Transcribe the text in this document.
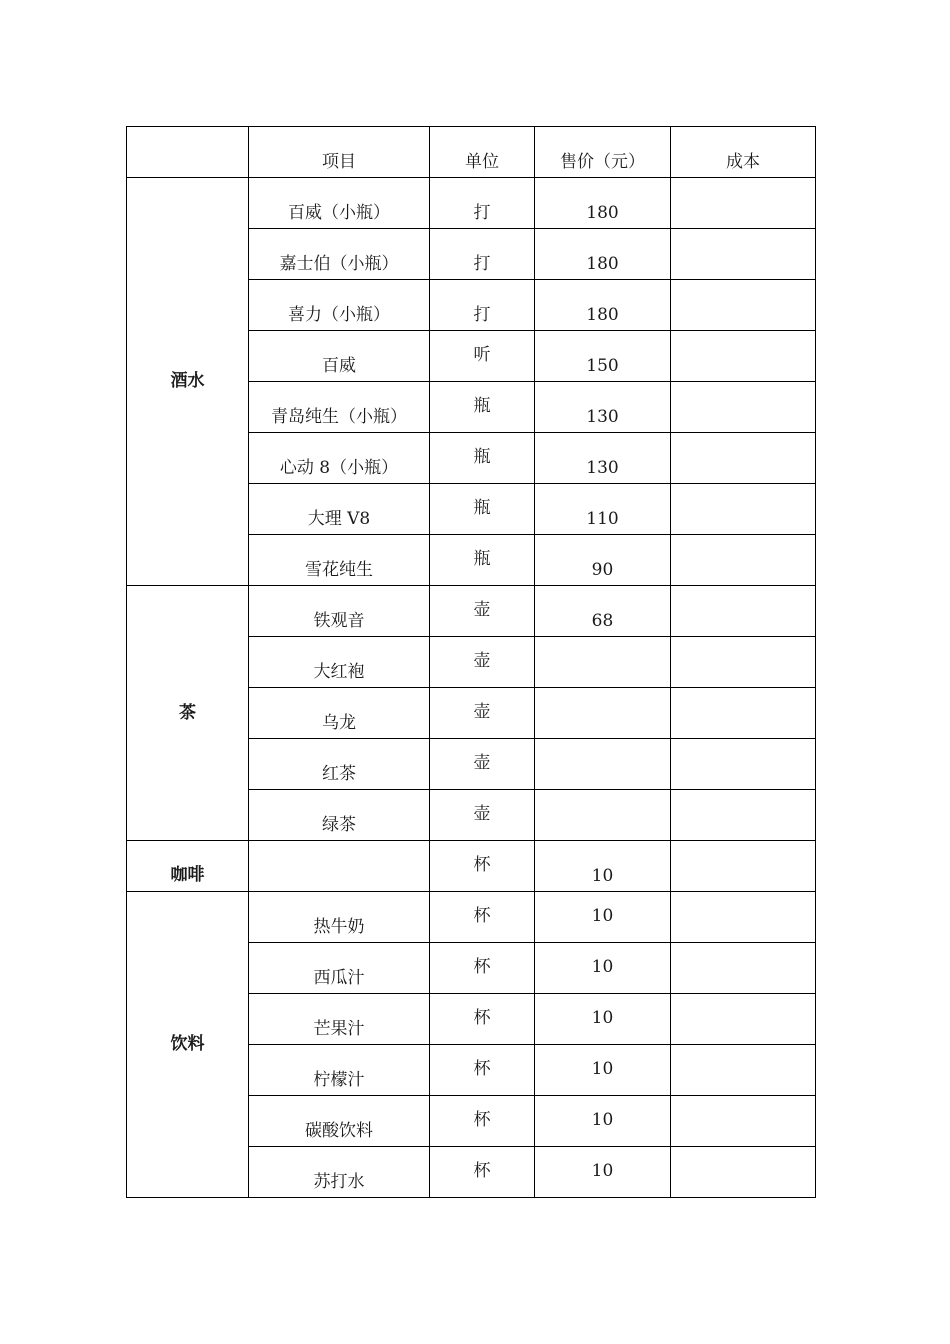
	项目	单位	售价（元）	成本

酒水	百威（小瓶）	打	180	

	嘉士伯（小瓶）	打	180	

	喜力（小瓶）	打	180	

	百威	听	150	

	青岛纯生（小瓶）	瓶	130	

	心动 8（小瓶）	瓶	130	

	大理 V8	瓶	110	

	雪花纯生	瓶	90	

茶	铁观音	壶	68	

	大红袍	壶		

	乌龙	壶		

	红茶	壶		

	绿茶	壶		

咖啡		杯	10	

饮料	热牛奶	杯	10	

	西瓜汁	杯	10	

	芒果汁	杯	10	

	柠檬汁	杯	10	

	碳酸饮料	杯	10	

	苏打水	杯	10	
